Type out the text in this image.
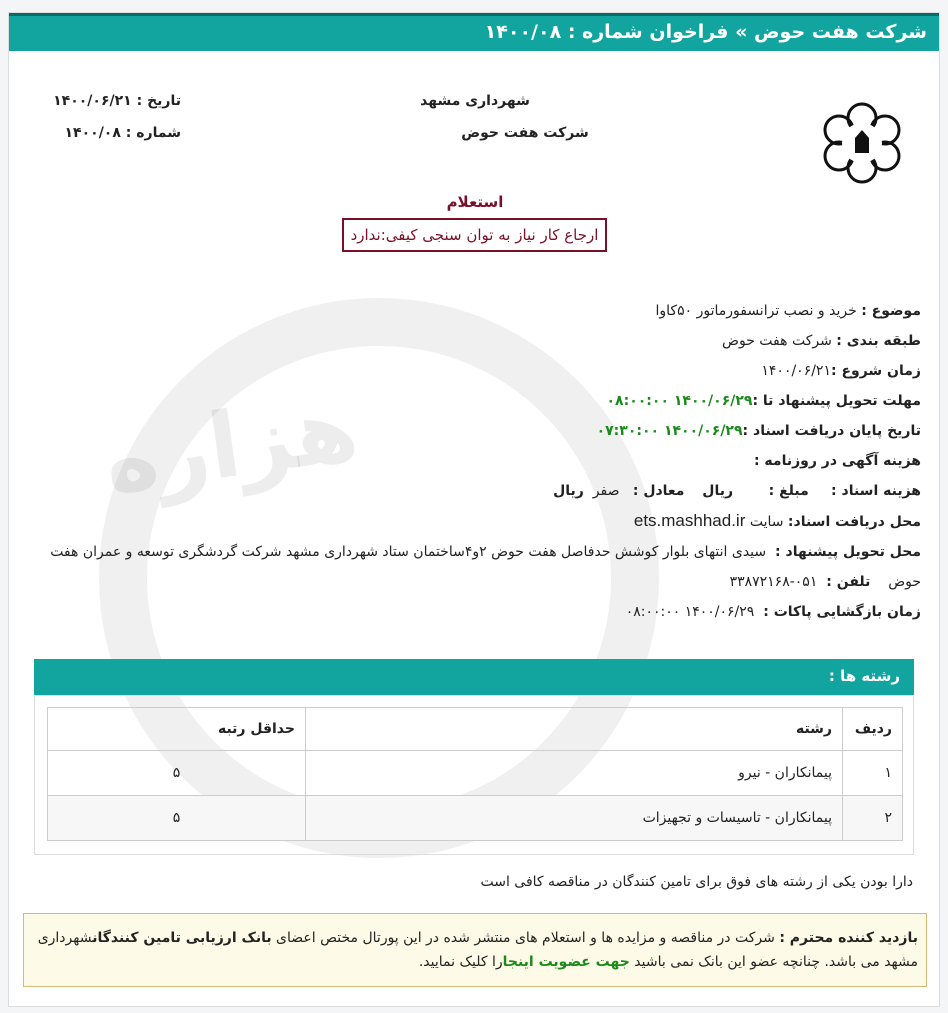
شرکت هفت حوض » فراخوان شماره : ۱۴۰۰/۰۸
هزاره
شهرداری مشهد
شرکت هفت حوض
تاریخ : ۱۴۰۰/۰۶/۲۱
شماره : ۱۴۰۰/۰۸
استعلام
ارجاع کار نیاز به توان سنجی کیفی:ندارد
موضوع : خرید و نصب ترانسفورماتور ۵۰کاوا
طبقه بندی : شرکت هفت حوض
زمان شروع :۱۴۰۰/۰۶/۲۱
مهلت تحویل پیشنهاد تا :۱۴۰۰/۰۶/۲۹ ۰۸:۰۰:۰۰
تاریخ پایان دریافت اسناد :۱۴۰۰/۰۶/۲۹ ۰۷:۳۰:۰۰
هزینه آگهی در روزنامه :
هزینه اسناد :     مبلغ :        ریال    معادل :   صفر  ریال
محل دریافت اسناد: سایت ets.mashhad.ir
محل تحویل پیشنهاد :  سیدی انتهای بلوار کوشش حدفاصل هفت حوض ۲و۴ساختمان ستاد شهرداری مشهد شرکت گردشگری توسعه و عمران هفت حوض    تلفن :  ۰۵۱-۳۳۸۷۲۱۶۸
زمان بازگشایی پاکات :  ۱۴۰۰/۰۶/۲۹ ۰۸:۰۰:۰۰
رشته ها :
ردیف	رشته	حداقل رتبه
۱	پیمانکاران - نیرو	۵
۲	پیمانکاران - تاسیسات و تجهیزات	۵
دارا بودن یکی از رشته های فوق برای تامین کنندگان در مناقصه کافی است
بازدید کننده محترم : شرکت در مناقصه و مزایده ها و استعلام های منتشر شده در این پورتال مختص اعضای بانک ارزیابی تامین کنندگانشهرداری مشهد می باشد. چنانچه عضو این بانک نمی باشید جهت عضویت اینجارا کلیک نمایید.
